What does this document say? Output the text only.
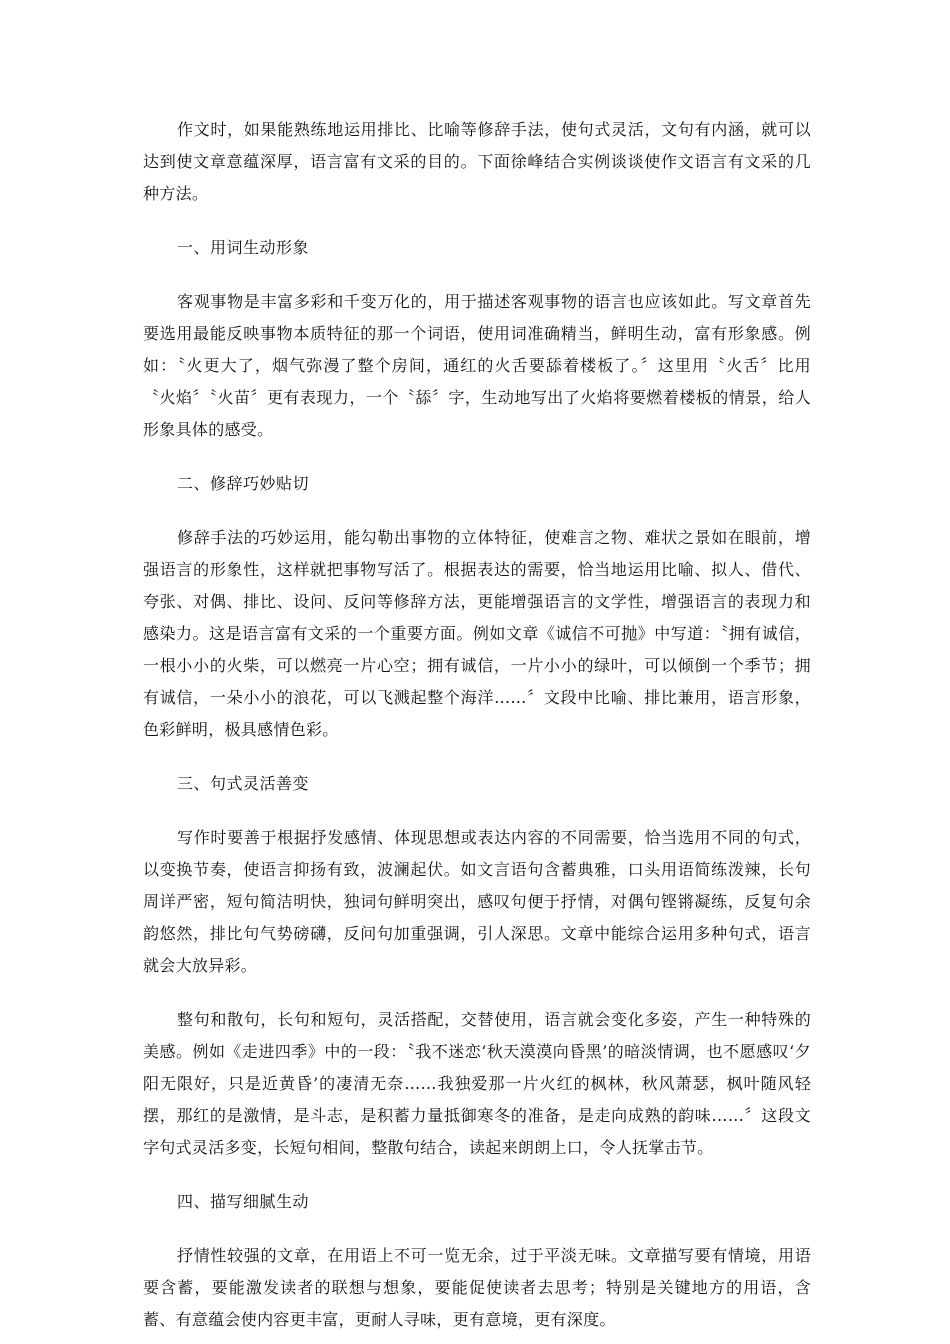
作文时，如果能熟练地运用排比、比喻等修辞手法，使句式灵活，文句有内涵，就可以达到使文章意蕴深厚，语言富有文采的目的。下面徐峰结合实例谈谈使作文语言有文采的几种方法。

一、用词生动形象

客观事物是丰富多彩和千变万化的，用于描述客观事物的语言也应该如此。写文章首先要选用最能反映事物本质特征的那一个词语，使用词准确精当，鲜明生动，富有形象感。例如：〝火更大了，烟气弥漫了整个房间，通红的火舌要舔着楼板了。〞这里用〝火舌〞比用〝火焰〞〝火苗〞更有表现力，一个〝舔〞字，生动地写出了火焰将要燃着楼板的情景，给人形象具体的感受。

二、修辞巧妙贴切

修辞手法的巧妙运用，能勾勒出事物的立体特征，使难言之物、难状之景如在眼前，增强语言的形象性，这样就把事物写活了。根据表达的需要，恰当地运用比喻、拟人、借代、夸张、对偶、排比、设问、反问等修辞方法，更能增强语言的文学性，增强语言的表现力和感染力。这是语言富有文采的一个重要方面。例如文章《诚信不可抛》中写道：〝拥有诚信，一根小小的火柴，可以燃亮一片心空；拥有诚信，一片小小的绿叶，可以倾倒一个季节；拥有诚信，一朵小小的浪花，可以飞溅起整个海洋……〞文段中比喻、排比兼用，语言形象，色彩鲜明，极具感情色彩。

三、句式灵活善变

写作时要善于根据抒发感情、体现思想或表达内容的不同需要，恰当选用不同的句式，以变换节奏，使语言抑扬有致，波澜起伏。如文言语句含蓄典雅，口头用语简练泼辣，长句周详严密，短句简洁明快，独词句鲜明突出，感叹句便于抒情，对偶句铿锵凝练，反复句余韵悠然，排比句气势磅礴，反问句加重强调，引人深思。文章中能综合运用多种句式，语言就会大放异彩。

整句和散句，长句和短句，灵活搭配，交替使用，语言就会变化多姿，产生一种特殊的美感。例如《走进四季》中的一段：〝我不迷恋‘秋天漠漠向昏黑’的暗淡情调，也不愿感叹‘夕阳无限好，只是近黄昏’的凄清无奈……我独爱那一片火红的枫林，秋风萧瑟，枫叶随风轻摆，那红的是激情，是斗志，是积蓄力量抵御寒冬的准备，是走向成熟的韵味……〞这段文字句式灵活多变，长短句相间，整散句结合，读起来朗朗上口，令人抚掌击节。

四、描写细腻生动

抒情性较强的文章，在用语上不可一览无余，过于平淡无味。文章描写要有情境，用语要含蓄，要能激发读者的联想与想象，要能促使读者去思考；特别是关键地方的用语，含蓄、有意蕴会使内容更丰富，更耐人寻味，更有意境，更有深度。
